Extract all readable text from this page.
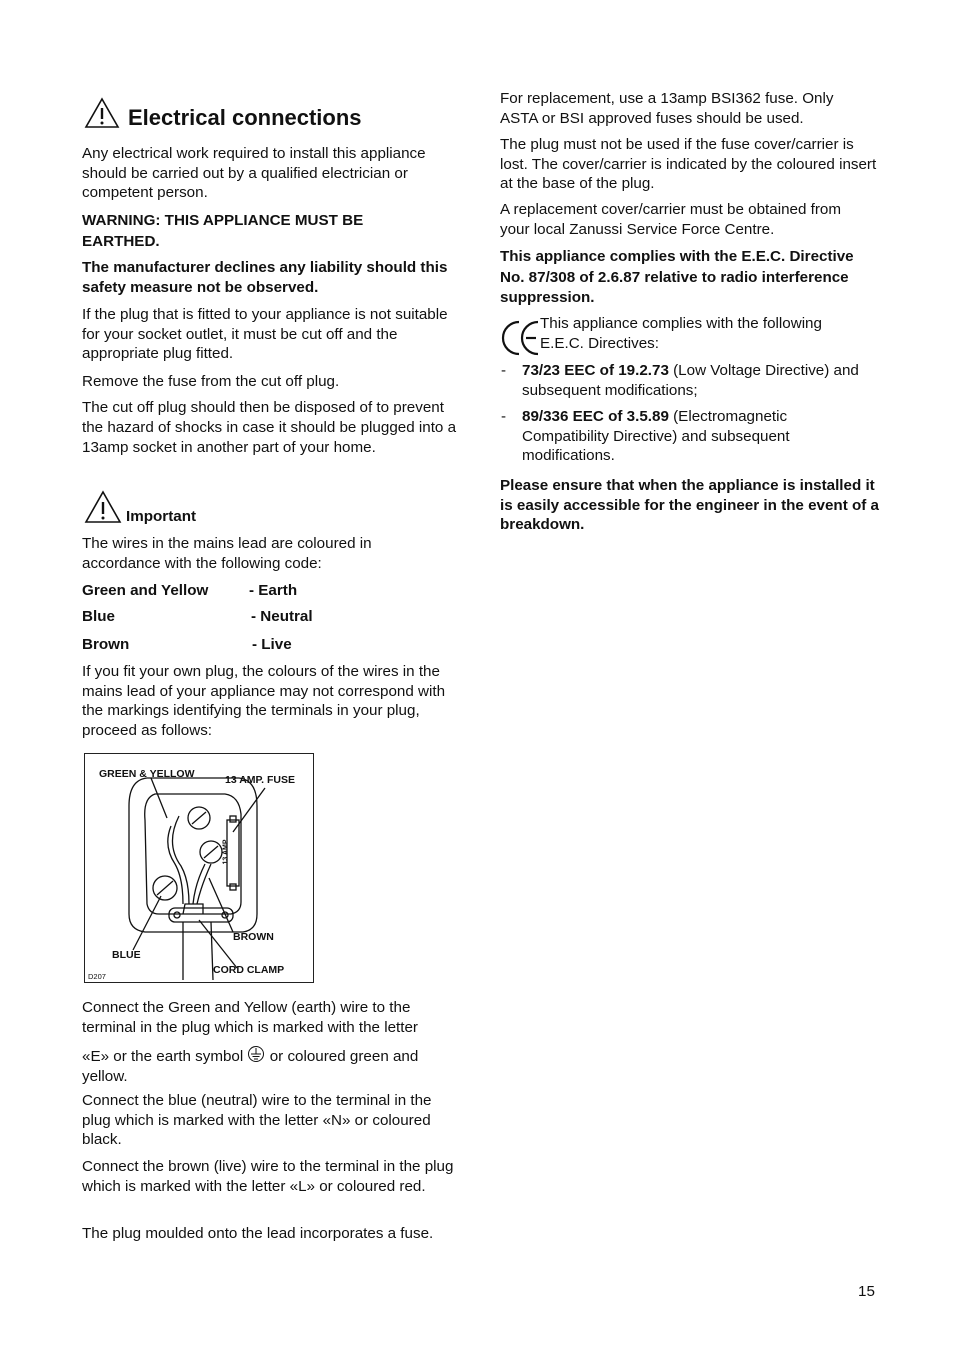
Electrical connections

Any electrical work required to install this appliance should be carried out by a qualified electrician or competent person.

WARNING: THIS APPLIANCE MUST BE EARTHED.

The manufacturer declines any liability should this safety measure not be observed.

If the plug that is fitted to your appliance is not suitable for your socket outlet, it must be cut off and the appropriate plug fitted.

Remove the fuse from the cut off plug.

The cut off plug should then be disposed of to prevent the hazard of shocks in case it should be plugged into a 13amp socket in another part of your home.

Important

The wires in the mains lead are coloured in accordance with the following code:

Green and Yellow	- Earth
Blue	- Neutral
Brown	- Live

If you fit your own plug, the colours of the wires in the mains lead of your appliance may not correspond with the markings identifying the terminals in your plug, proceed as follows:

GREEN & YELLOW	13 AMP. FUSE
13 AMP
BROWN
BLUE
CORD CLAMP
D207

Connect the Green and Yellow (earth) wire to the terminal in the plug which is marked with the letter

«E» or the earth symbol or coloured green and yellow.

Connect the blue (neutral) wire to the terminal in the plug which is marked with the letter «N» or coloured black.

Connect the brown (live) wire to the terminal in the plug which is marked with the letter «L» or coloured red.

The plug moulded onto the lead incorporates a fuse.

For replacement, use a 13amp BSI362 fuse. Only ASTA or BSI approved fuses should be used.

The plug must not be used if the fuse cover/carrier is lost. The cover/carrier is indicated by the coloured insert at the base of the plug.

A replacement cover/carrier must be obtained from your local Zanussi Service Force Centre.

This appliance complies with the E.E.C. Directive No. 87/308 of 2.6.87 relative to radio interference suppression.

This appliance complies with the following E.E.C. Directives:

- 73/23 EEC of 19.2.73 (Low Voltage Directive) and subsequent modifications;

- 89/336 EEC of 3.5.89 (Electromagnetic Compatibility Directive) and subsequent modifications.

Please ensure that when the appliance is installed it is easily accessible for the engineer in the event of a breakdown.

15
